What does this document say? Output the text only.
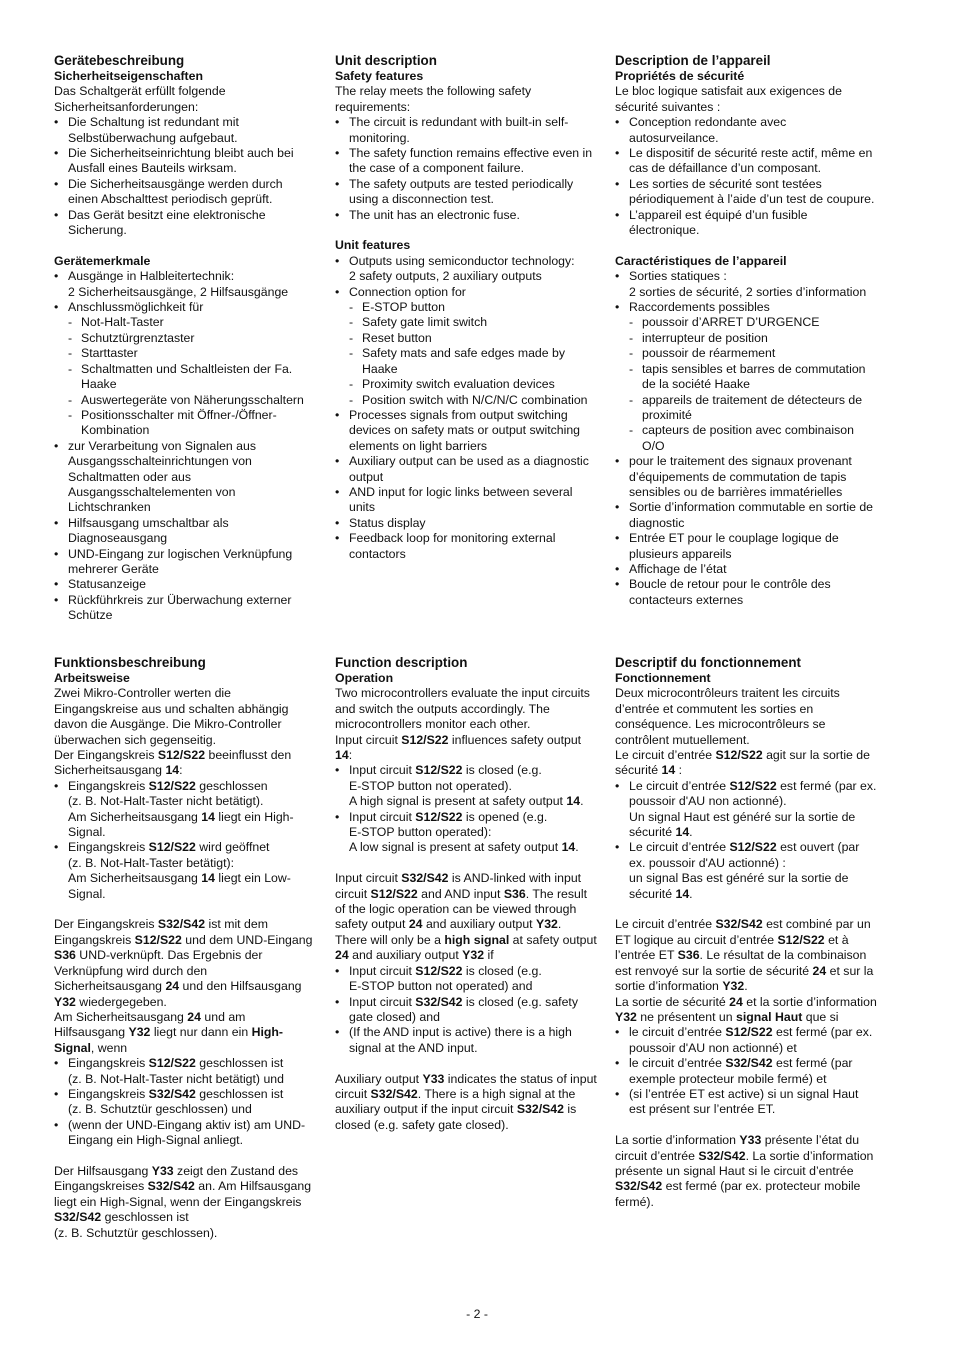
Gerätebeschreibung

Sicherheitseigenschaften

Das Schaltgerät erfüllt folgende Sicherheitsanforderungen:

• Die Schaltung ist redundant mit Selbstüberwachung aufgebaut.
• Die Sicherheitseinrichtung bleibt auch bei Ausfall eines Bauteils wirksam.
• Die Sicherheitsausgänge werden durch einen Abschalttest periodisch geprüft.
• Das Gerät besitzt eine elektronische Sicherung.

Gerätemerkmale

• Ausgänge in Halbleitertechnik:
2 Sicherheitsausgänge, 2 Hilfsausgänge
• Anschlussmöglichkeit für
- Not-Halt-Taster
- Schutztürgrenztaster
- Starttaster
- Schaltmatten und Schaltleisten der Fa. Haake
- Auswertegeräte von Näherungsschaltern
- Positionsschalter mit Öffner-/Öffner-Kombination
• zur Verarbeitung von Signalen aus Ausgangsschalteinrichtungen von Schaltmatten oder aus Ausgangsschaltelementen von Lichtschranken
• Hilfsausgang umschaltbar als Diagnoseausgang
• UND-Eingang zur logischen Verknüpfung mehrerer Geräte
• Statusanzeige
• Rückführkreis zur Überwachung externer Schütze

Unit description

Safety features

The relay meets the following safety requirements:

• The circuit is redundant with built-in self-monitoring.
• The safety function remains effective even in the case of a component failure.
• The safety outputs are tested periodically using a disconnection test.
• The unit has an electronic fuse.

Unit features

• Outputs using semiconductor technology:
2 safety outputs, 2 auxiliary outputs
• Connection option for
- E-STOP button
- Safety gate limit switch
- Reset button
- Safety mats and safe edges made by Haake
- Proximity switch evaluation devices
- Position switch with N/C/N/C combination
• Processes signals from output switching devices on safety mats or output switching elements on light barriers
• Auxiliary output can be used as a diagnostic output
• AND input for logic links between several units
• Status display
• Feedback loop for monitoring external contactors

Description de l’appareil

Propriétés de sécurité

Le bloc logique satisfait aux exigences de sécurité suivantes :

• Conception redondante avec autosurveilance.
• Le dispositif de sécurité reste actif, même en cas de défaillance d’un composant.
• Les sorties de sécurité sont testées périodiquement à l’aide d’un test de coupure.
• L’appareil est équipé d’un fusible électronique.

Caractéristiques de l’appareil

• Sorties statiques :
2 sorties de sécurité, 2 sorties d’information
• Raccordements possibles
- poussoir d’ARRET D’URGENCE
- interrupteur de position
- poussoir de réarmement
- tapis sensibles et barres de commutation de la société Haake
- appareils de traitement de détecteurs de proximité
- capteurs de position avec combinaison O/O
• pour le traitement des signaux provenant d’équipements de commutation de tapis sensibles ou de barrières immatérielles
• Sortie d’information commutable en sortie de diagnostic
• Entrée ET pour le couplage logique de plusieurs appareils
• Affichage de l’état
• Boucle de retour pour le contrôle des contacteurs externes

Funktionsbeschreibung

Arbeitsweise

Zwei Mikro-Controller werten die Eingangskreise aus und schalten abhängig davon die Ausgänge. Die Mikro-Controller überwachen sich gegenseitig.

Der Eingangskreis S12/S22 beeinflusst den Sicherheitsausgang 14:

• Eingangskreis S12/S22 geschlossen
(z. B. Not-Halt-Taster nicht betätigt).
Am Sicherheitsausgang 14 liegt ein High-Signal.
• Eingangskreis S12/S22 wird geöffnet
(z. B. Not-Halt-Taster betätigt):
Am Sicherheitsausgang 14 liegt ein Low-Signal.

Der Eingangskreis S32/S42 ist mit dem Eingangskreis S12/S22 und dem UND-Eingang S36 UND-verknüpft. Das Ergebnis der Verknüpfung wird durch den Sicherheitsausgang 24 und den Hilfsausgang Y32 wiedergegeben.

Am Sicherheitsausgang 24 und am Hilfsausgang Y32 liegt nur dann ein High-Signal, wenn

• Eingangskreis S12/S22 geschlossen ist
(z. B. Not-Halt-Taster nicht betätigt) und
• Eingangskreis S32/S42 geschlossen ist
(z. B. Schutztür geschlossen) und
• (wenn der UND-Eingang aktiv ist) am UND-Eingang ein High-Signal anliegt.

Der Hilfsausgang Y33 zeigt den Zustand des Eingangskreises S32/S42 an. Am Hilfsausgang liegt ein High-Signal, wenn der Eingangskreis S32/S42 geschlossen ist
(z. B. Schutztür geschlossen).

Function description

Operation

Two microcontrollers evaluate the input circuits and switch the outputs accordingly. The microcontrollers monitor each other.

Input circuit S12/S22 influences safety output 14:

• Input circuit S12/S22 is closed (e.g.
E-STOP button not operated).
A high signal is present at safety output 14.
• Input circuit S12/S22 is opened (e.g.
E-STOP button operated):
A low signal is present at safety output 14.

Input circuit S32/S42 is AND-linked with input circuit S12/S22 and AND input S36. The result of the logic operation can be viewed through safety output 24 and auxiliary output Y32.

There will only be a high signal at safety output 24 and auxiliary output Y32 if

• Input circuit S12/S22 is closed (e.g.
E-STOP button not operated) and
• Input circuit S32/S42 is closed (e.g. safety gate closed) and
• (If the AND input is active) there is a high signal at the AND input.

Auxiliary output Y33 indicates the status of input circuit S32/S42. There is a high signal at the auxiliary output if the input circuit S32/S42 is closed (e.g. safety gate closed).

Descriptif du fonctionnement

Fonctionnement

Deux microcontrôleurs traitent les circuits d’entrée et commutent les sorties en conséquence. Les microcontrôleurs se contrôlent mutuellement.

Le circuit d’entrée S12/S22 agit sur la sortie de sécurité 14 :

• Le circuit d’entrée S12/S22 est fermé (par ex. poussoir d'AU non actionné).
Un signal Haut est généré sur la sortie de sécurité 14.
• Le circuit d’entrée S12/S22 est ouvert (par ex. poussoir d'AU actionné) :
un signal Bas est généré sur la sortie de sécurité 14.

Le circuit d’entrée S32/S42 est combiné par un ET logique au circuit d’entrée S12/S22 et à l’entrée ET S36. Le résultat de la combinaison est renvoyé sur la sortie de sécurité 24 et sur la sortie d’information Y32.

La sortie de sécurité 24 et la sortie d’information Y32 ne présentent un signal Haut que si

• le circuit d’entrée S12/S22 est fermé (par ex. poussoir d'AU non actionné) et
• le circuit d’entrée S32/S42 est fermé (par exemple protecteur mobile fermé) et
• (si l’entrée ET est active) si un signal Haut est présent sur l’entrée ET.

La sortie d’information Y33 présente l’état du circuit d’entrée S32/S42. La sortie d’information présente un signal Haut si le circuit d’entrée S32/S42 est fermé (par ex. protecteur mobile fermé).

- 2 -
